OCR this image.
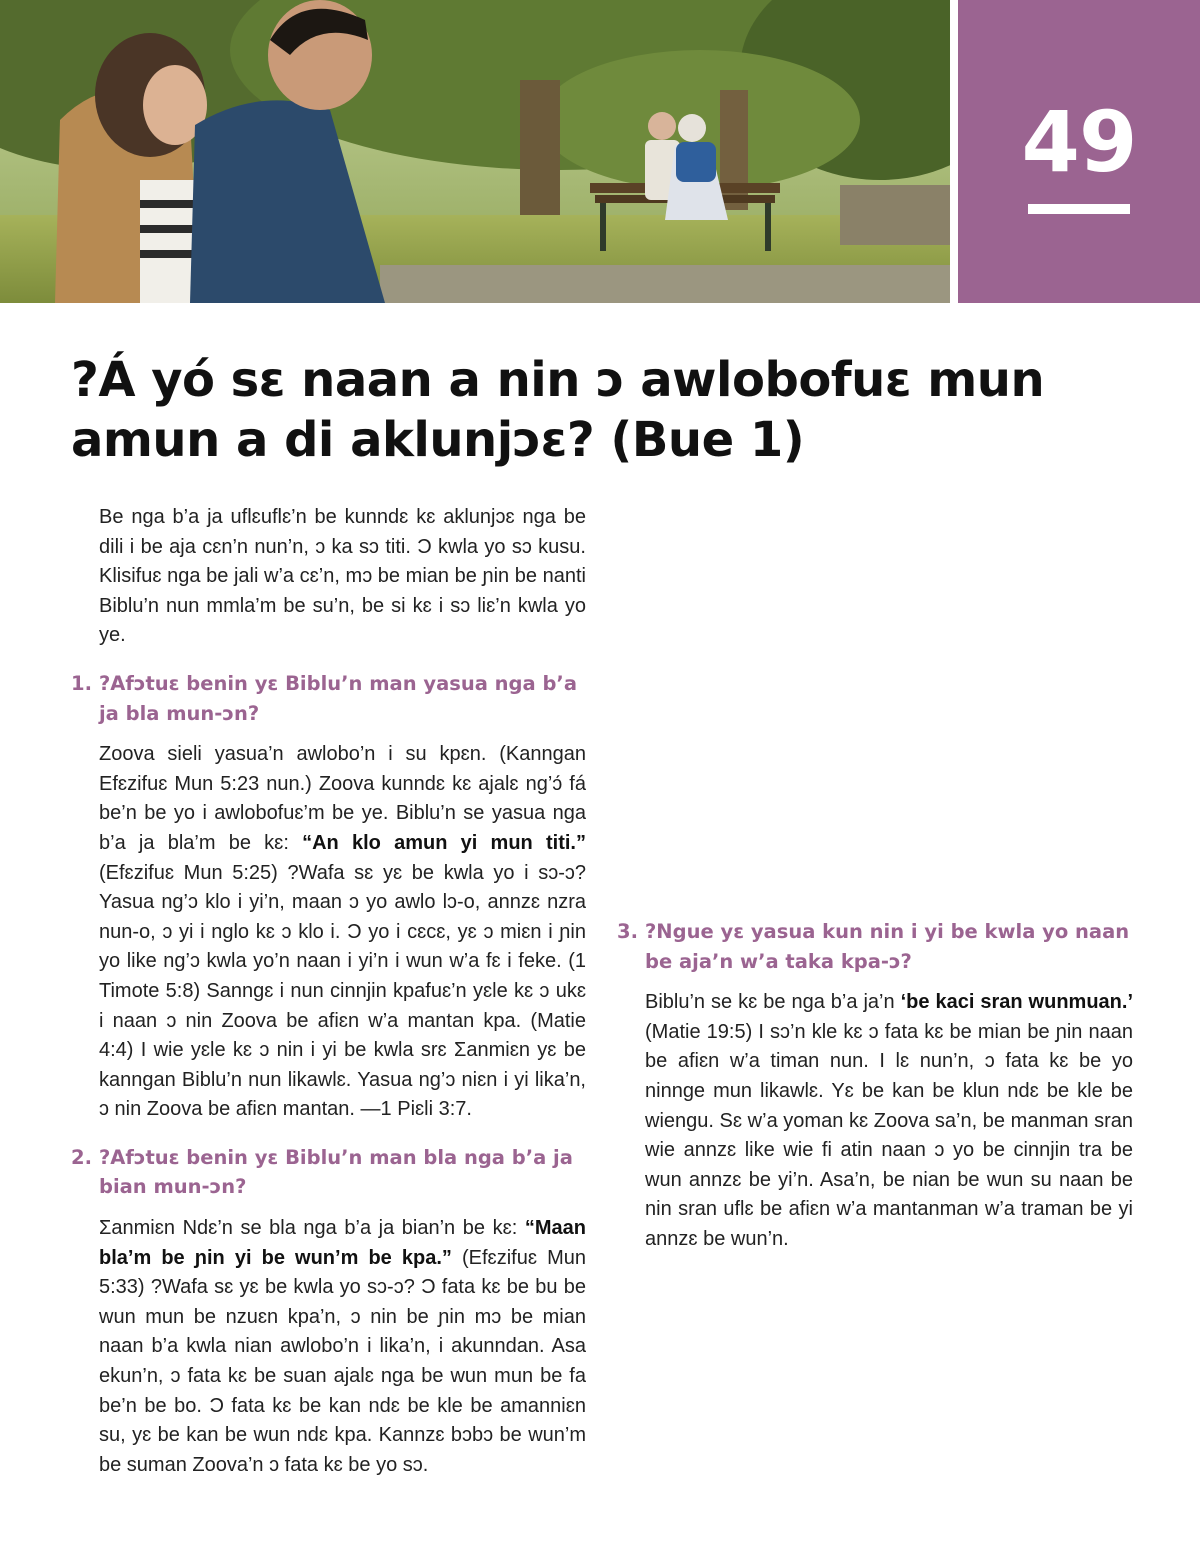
49
?Á yó sɛ naan a nin ɔ awlobofuɛ mun amun a di aklunjɔɛ? (Bue 1)

Be nga b’a ja uflɛuflɛ’n be kunndɛ kɛ aklunjɔɛ nga be dili i be aja cɛn’n nun’n, ɔ ka sɔ titi. Ɔ kwla yo sɔ kusu. Klisifuɛ nga be jali w’a cɛ’n, mɔ be mian be ɲin be nanti Biblu’n nun mmla’m be su’n, be si kɛ i sɔ liɛ’n kwla yo ye.

1. ?Afɔtuɛ benin yɛ Biblu’n man yasua nga b’a ja bla mun-ɔn?

Zoova sieli yasua’n awlobo’n i su kpɛn. (Kanngan Efɛzifuɛ Mun 5:23 nun.) Zoova kunndɛ kɛ ajalɛ ng’ɔ́ fá be’n be yo i awlobofuɛ’m be ye. Biblu’n se yasua nga b’a ja bla’m be kɛ: “An klo amun yi mun titi.” (Efɛzifuɛ Mun 5:25) ?Wafa sɛ yɛ be kwla yo i sɔ-ɔ? Yasua ng’ɔ klo i yi’n, maan ɔ yo awlo lɔ-o, annzɛ nzra nun-o, ɔ yi i nglo kɛ ɔ klo i. Ɔ yo i cɛcɛ, yɛ ɔ miɛn i ɲin yo like ng’ɔ kwla yo’n naan i yi’n i wun w’a fɛ i feke. (1 Timote 5:8) Sanngɛ i nun cinnjin kpafuɛ’n yɛle kɛ ɔ ukɛ i naan ɔ nin Zoova be afiɛn w’a mantan kpa. (Matie 4:4) I wie yɛle kɛ ɔ nin i yi be kwla srɛ Ʃanmiɛn yɛ be kanngan Biblu’n nun likawlɛ. Yasua ng’ɔ niɛn i yi lika’n, ɔ nin Zoova be afiɛn mantan. —1 Piɛli 3:7.

2. ?Afɔtuɛ benin yɛ Biblu’n man bla nga b’a ja bian mun-ɔn?

Ʃanmiɛn Ndɛ’n se bla nga b’a ja bian’n be kɛ: “Maan bla’m be ɲin yi be wun’m be kpa.” (Efɛzifuɛ Mun 5:33) ?Wafa sɛ yɛ be kwla yo sɔ-ɔ? Ɔ fata kɛ be bu be wun mun be nzuɛn kpa’n, ɔ nin be ɲin mɔ be mian naan b’a kwla nian awlobo’n i lika’n, i akunndan. Asa ekun’n, ɔ fata kɛ be suan ajalɛ nga be wun mun be fa be’n be bo. Ɔ fata kɛ be kan ndɛ be kle be amanniɛn su, yɛ be kan be wun ndɛ kpa. Kannzɛ bɔbɔ be wun’m be suman Zoova’n ɔ fata kɛ be yo sɔ.

3. ?Ngue yɛ yasua kun nin i yi be kwla yo naan be aja’n w’a taka kpa-ɔ?

Biblu’n se kɛ be nga b’a ja’n ‘be kaci sran wunmuan.’ (Matie 19:5) I sɔ’n kle kɛ ɔ fata kɛ be mian be ɲin naan be afiɛn w’a timan nun. I lɛ nun’n, ɔ fata kɛ be yo ninnge mun likawlɛ. Yɛ be kan be klun ndɛ be kle be wiengu. Sɛ w’a yoman kɛ Zoova sa’n, be manman sran wie annzɛ like wie fi atin naan ɔ yo be cinnjin tra be wun annzɛ be yi’n. Asa’n, be nian be wun su naan be nin sran uflɛ be afiɛn w’a mantanman w’a traman be yi annzɛ be wun’n.
